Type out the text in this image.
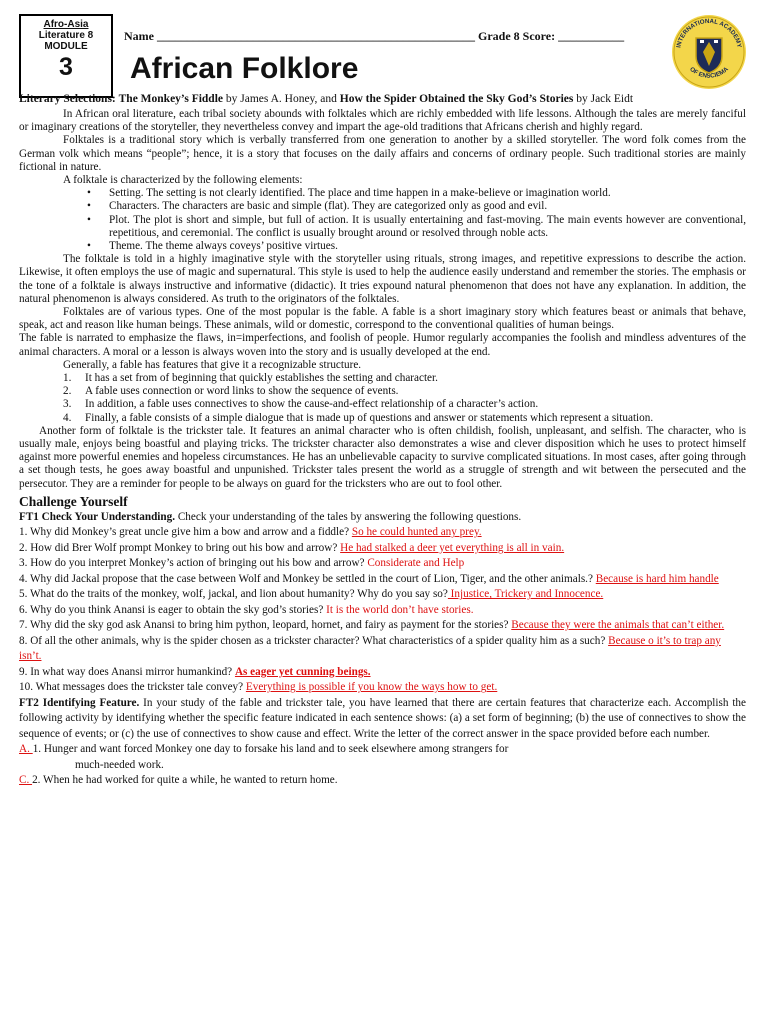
Afro-Asia
Literature 8
MODULE
3
Name _____________________________________________________ Grade 8 Score: ___________
African Folklore
INTERNATIONAL ACADEMY
OF ENSCIEMA
Literary Selections: The Monkey’s Fiddle by James A. Honey, and How the Spider Obtained the Sky God’s Stories by Jack Eidt

In African oral literature, each tribal society abounds with folktales which are richly embedded with life lessons. Although the tales are merely fanciful or imaginary creations of the storyteller, they nevertheless convey and impart the age-old traditions that Africans cherish and highly regard.

Folktales is a traditional story which is verbally transferred from one generation to another by a skilled storyteller. The word folk comes from the German volk which means “people”; hence, it is a story that focuses on the daily affairs and concerns of ordinary people. Such traditional stories are mainly fictional in nature.

A folktale is characterized by the following elements:

• Setting. The setting is not clearly identified. The place and time happen in a make-believe or imagination world.
• Characters. The characters are basic and simple (flat). They are categorized only as good and evil.
• Plot. The plot is short and simple, but full of action. It is usually entertaining and fast-moving. The main events however are conventional, repetitious, and ceremonial. The conflict is usually brought around or resolved through noble acts.
• Theme. The theme always coveys’ positive virtues.

The folktale is told in a highly imaginative style with the storyteller using rituals, strong images, and repetitive expressions to describe the action. Likewise, it often employs the use of magic and supernatural. This style is used to help the audience easily understand and remember the stories. The emphasis or the tone of a folktale is always instructive and informative (didactic). It tries expound natural phenomenon that does not have any explanation. In addition, the natural phenomenon is always considered. As truth to the originators of the folktales.

Folktales are of various types. One of the most popular is the fable. A fable is a short imaginary story which features beast or animals that behave, speak, act and reason like human beings. These animals, wild or domestic, correspond to the conventional qualities of human beings.

The fable is narrated to emphasize the flaws, in=imperfections, and foolish of people. Humor regularly accompanies the foolish and mindless adventures of the animal characters. A moral or a lesson is always woven into the story and is usually developed at the end.

Generally, a fable has features that give it a recognizable structure.

1. It has a set from of beginning that quickly establishes the setting and character.
2. A fable uses connection or word links to show the sequence of events.
3. In addition, a fable uses connectives to show the cause-and-effect relationship of a character’s action.
4. Finally, a fable consists of a simple dialogue that is made up of questions and answer or statements which represent a situation.

Another form of folktale is the trickster tale. It features an animal character who is often childish, foolish, unpleasant, and selfish. The character, who is usually male, enjoys being boastful and playing tricks. The trickster character also demonstrates a wise and clever disposition which he uses to protect himself against more powerful enemies and hopeless circumstances. He has an unbelievable capacity to survive complicated situations. In most cases, after going through a set though tests, he goes away boastful and unpunished. Trickster tales present the world as a struggle of strength and wit between the persecuted and the persecutor. They are a reminder for people to be always on guard for the tricksters who are out to fool other.

Challenge Yourself

FT1 Check Your Understanding. Check your understanding of the tales by answering the following questions.

1. Why did Monkey’s great uncle give him a bow and arrow and a fiddle? So he could hunted any prey.

2. How did Brer Wolf prompt Monkey to bring out his bow and arrow? He had stalked a deer yet everything is all in vain.

3. How do you interpret Monkey’s action of bringing out his bow and arrow? Considerate and Help

4. Why did Jackal propose that the case between Wolf and Monkey be settled in the court of Lion, Tiger, and the other animals.? Because is hard him handle

5. What do the traits of the monkey, wolf, jackal, and lion about humanity? Why do you say so? Injustice, Trickery and Innocence.

6. Why do you think Anansi is eager to obtain the sky god’s stories? It is the world don’t have stories.

7. Why did the sky god ask Anansi to bring him python, leopard, hornet, and fairy as payment for the stories? Because they were the animals that can’t either.

8. Of all the other animals, why is the spider chosen as a trickster character? What characteristics of a spider quality him as a such? Because o it’s to trap any isn’t.

9. In what way does Anansi mirror humankind? As eager yet cunning beings.

10. What messages does the trickster tale convey? Everything is possible if you know the ways how to get.

FT2 Identifying Feature. In your study of the fable and trickster tale, you have learned that there are certain features that characterize each. Accomplish the following activity by identifying whether the specific feature indicated in each sentence shows: (a) a set form of beginning; (b) the use of connectives to show the sequence of events; or (c) the use of connectives to show cause and effect. Write the letter of the correct answer in the space provided before each number.

A. 1. Hunger and want forced Monkey one day to forsake his land and to seek elsewhere among strangers for

much-needed work.

C. 2. When he had worked for quite a while, he wanted to return home.
